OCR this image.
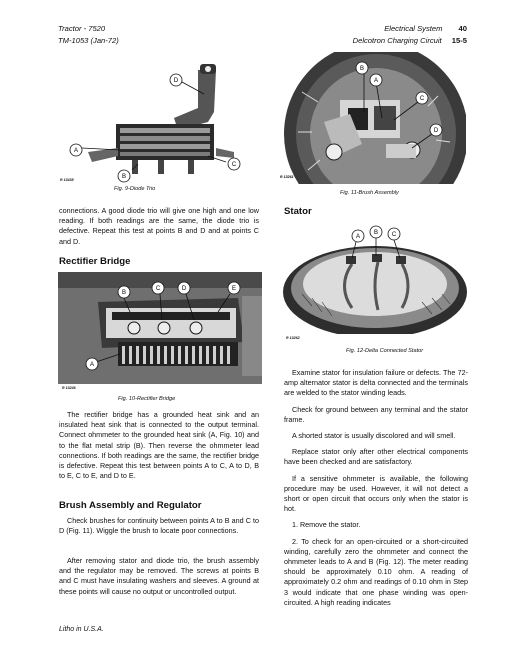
Tractor - 7520
TM-1053 (Jan-72)
Electrical System 40
Delcotron Charging Circuit 15-5
D
A
B
C
R 13438
Fig. 9-Diode Trio
B
A
C
D
R 13261
Fig. 11-Brush Assembly

connections. A good diode trio will give one high and one low reading. If both readings are the same, the diode trio is defective. Repeat this test at points B and D and at points C and D.

Rectifier Bridge
B
C	D	E
A
R 13246
Fig. 10-Rectifier Bridge

The rectifier bridge has a grounded heat sink and an insulated heat sink that is connected to the output terminal. Connect ohmmeter to the grounded heat sink (A, Fig. 10) and to the flat metal strip (B). Then reverse the ohmmeter lead connections. If both readings are the same, the rectifier bridge is defective. Repeat this test between points A to C, A to D, B to E, C to E, and D to E.

Brush Assembly and Regulator

Check brushes for continuity between points A to B and C to D (Fig. 11). Wiggle the brush to locate poor connections.

After removing stator and diode trio, the brush assembly and the regulator may be removed. The screws at points B and C must have insulating washers and sleeves. A ground at these points will cause no output or uncontrolled output.

Stator
A
B C
R 13262
Fig. 12-Delta Connected Stator

Examine stator for insulation failure or defects. The 72-amp alternator stator is delta connected and the terminals are welded to the stator winding leads.

Check for ground between any terminal and the stator frame.

A shorted stator is usually discolored and will smell.

Replace stator only after other electrical components have been checked and are satisfactory.

If a sensitive ohmmeter is available, the following procedure may be used. However, it will not detect a short or open circuit that occurs only when the stator is hot.

1. Remove the stator.

2. To check for an open-circuited or a short-circuited winding, carefully zero the ohmmeter and connect the ohmmeter leads to A and B (Fig. 12). The meter reading should be approximately 0.10 ohm. A reading of approximately 0.2 ohm and readings of 0.10 ohm in Step 3 would indicate that one phase winding was open-circuited. A high reading indicates

Litho in U.S.A.
